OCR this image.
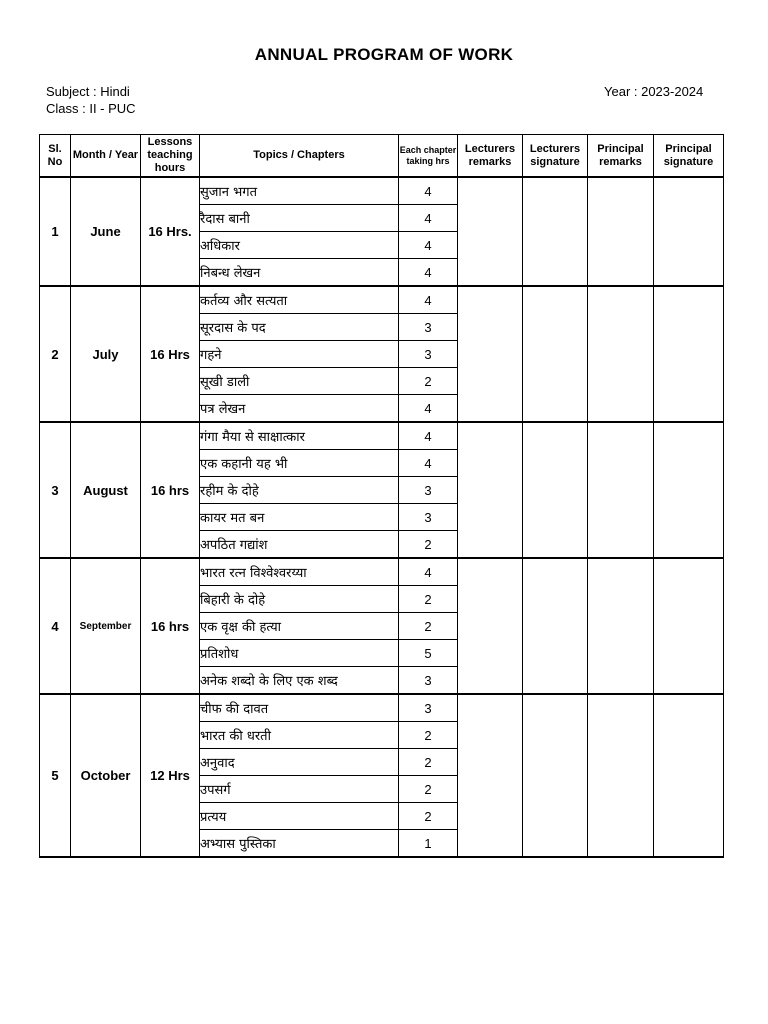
ANNUAL PROGRAM OF WORK
Subject : Hindi
Class : II - PUC
Year : 2023-2024
Sl. No	Month / Year	Lessons teaching hours	Topics / Chapters	Each chapter taking hrs	Lecturers remarks	Lecturers signature	Principal remarks	Principal signature
1	June	16 Hrs.	सुजान भगत	4				
			रैदास बानी	4				
			अधिकार	4				
			निबन्ध लेखन	4				
2	July	16 Hrs	कर्तव्य और सत्यता	4				
			सूरदास के पद	3				
			गहने	3				
			सूखी डाली	2				
			पत्र लेखन	4				
3	August	16 hrs	गंगा मैया से साक्षात्कार	4				
			एक कहानी यह भी	4				
			रहीम के दोहे	3				
			कायर मत बन	3				
			अपठित गद्यांश	2				
4	September	16 hrs	भारत रत्न विश्वेश्वरय्या	4				
			बिहारी के दोहे	2				
			एक वृक्ष की हत्या	2				
			प्रतिशोध	5				
			अनेक शब्दो के लिए एक शब्द	3				
5	October	12 Hrs	चीफ की दावत	3				
			भारत की धरती	2				
			अनुवाद	2				
			उपसर्ग	2				
			प्रत्यय	2				
			अभ्यास पुस्तिका	1				
